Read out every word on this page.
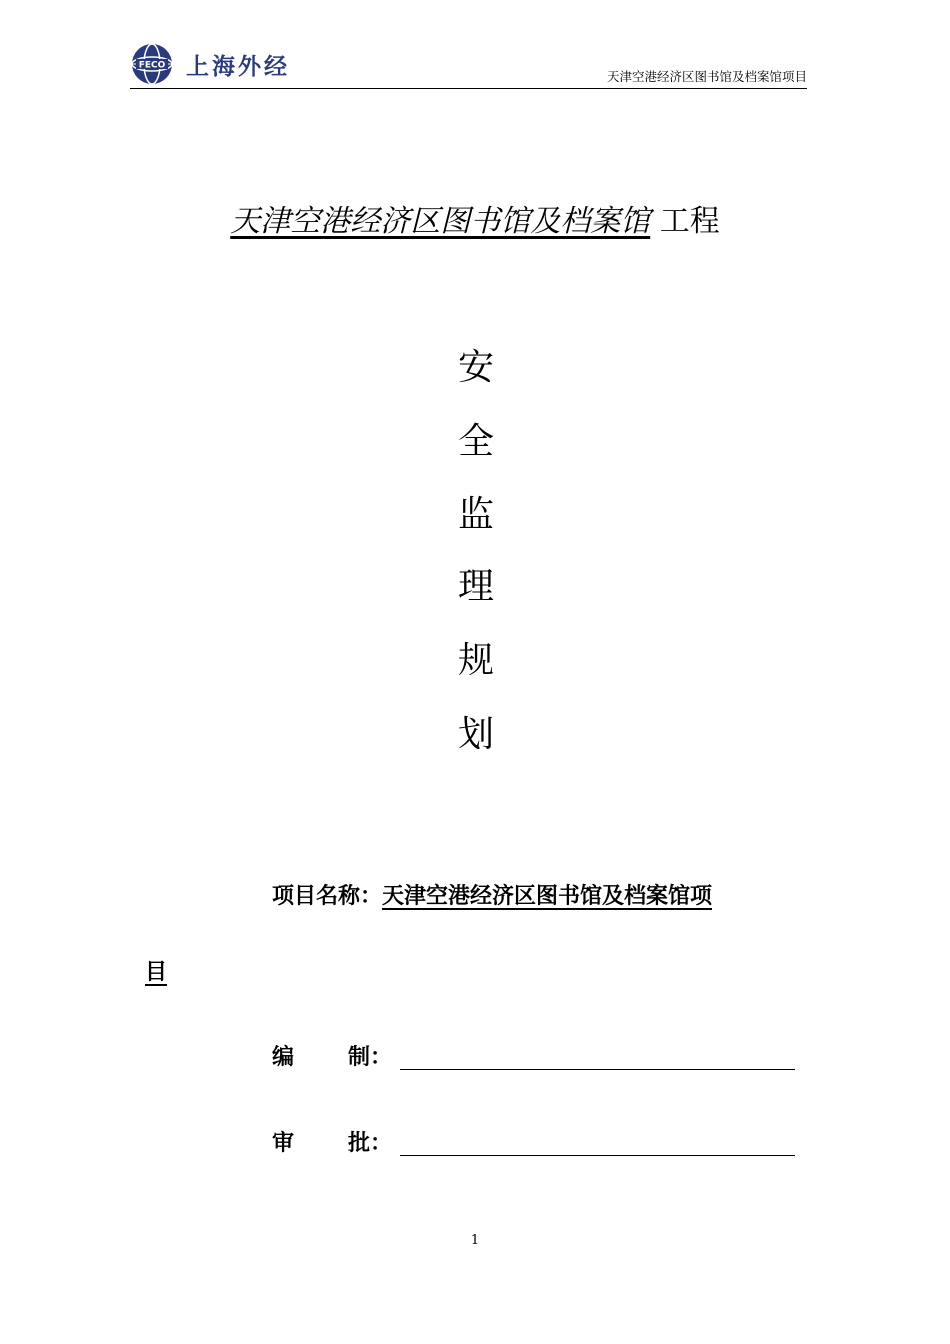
FECO 上海外经	天津空港经济区图书馆及档案馆项目
天津空港经济区图书馆及档案馆 工程
安
全
监
理
规
划
项目名称：天津空港经济区图书馆及档案馆项
目
编 制：
审 批：
1
